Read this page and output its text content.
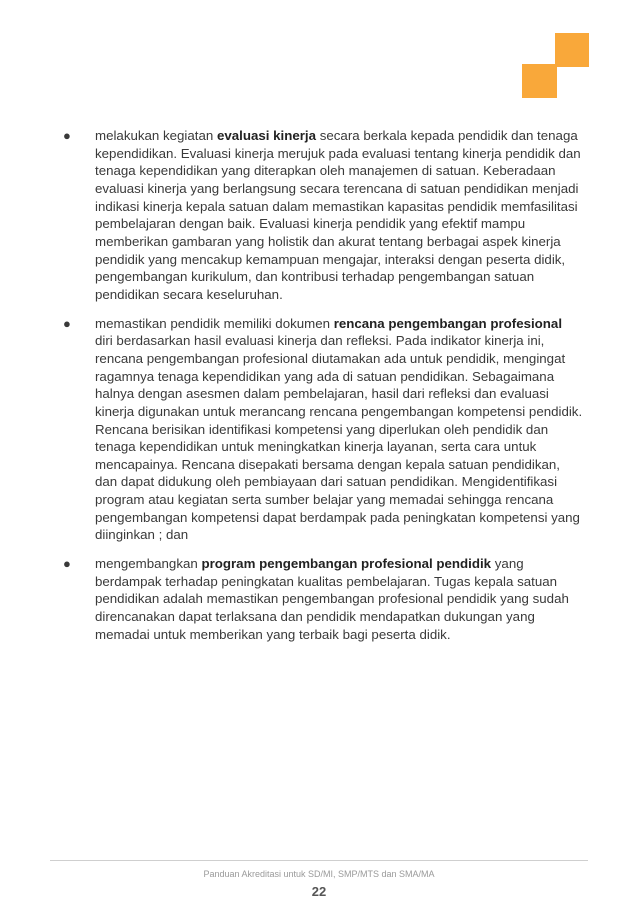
●	melakukan kegiatan evaluasi kinerja secara berkala kepada pendidik dan tenaga kependidikan. Evaluasi kinerja merujuk pada evaluasi tentang kinerja pendidik dan tenaga kependidikan yang diterapkan oleh manajemen di satuan. Keberadaan evaluasi kinerja yang berlangsung secara terencana di satuan pendidikan menjadi indikasi kinerja kepala satuan dalam memastikan kapasitas pendidik memfasilitasi pembelajaran dengan baik. Evaluasi kinerja pendidik yang efektif mampu memberikan gambaran yang holistik dan akurat tentang berbagai aspek kinerja pendidik yang mencakup kemampuan mengajar, interaksi dengan peserta didik, pengembangan kurikulum, dan kontribusi terhadap pengembangan satuan pendidikan secara keseluruhan.
●	memastikan pendidik memiliki dokumen rencana pengembangan profesional diri berdasarkan hasil evaluasi kinerja dan refleksi. Pada indikator kinerja ini, rencana pengembangan profesional diutamakan ada untuk pendidik, mengingat ragamnya tenaga kependidikan yang ada di satuan pendidikan. Sebagaimana halnya dengan asesmen dalam pembelajaran, hasil dari refleksi dan evaluasi kinerja digunakan untuk merancang rencana pengembangan kompetensi pendidik. Rencana berisikan identifikasi kompetensi yang diperlukan oleh pendidik dan tenaga kependidikan untuk meningkatkan kinerja layanan, serta cara untuk mencapainya. Rencana disepakati bersama dengan kepala satuan pendidikan, dan dapat didukung oleh pembiayaan dari satuan pendidikan. Mengidentifikasi program atau kegiatan serta sumber belajar yang memadai sehingga rencana pengembangan kompetensi dapat berdampak pada peningkatan kompetensi yang diinginkan ; dan
●	mengembangkan program pengembangan profesional pendidik yang berdampak terhadap peningkatan kualitas pembelajaran. Tugas kepala satuan pendidikan adalah memastikan pengembangan profesional pendidik yang sudah direncanakan dapat terlaksana dan pendidik mendapatkan dukungan yang memadai untuk memberikan yang terbaik bagi peserta didik.
Panduan Akreditasi untuk SD/MI, SMP/MTS dan SMA/MA
22
